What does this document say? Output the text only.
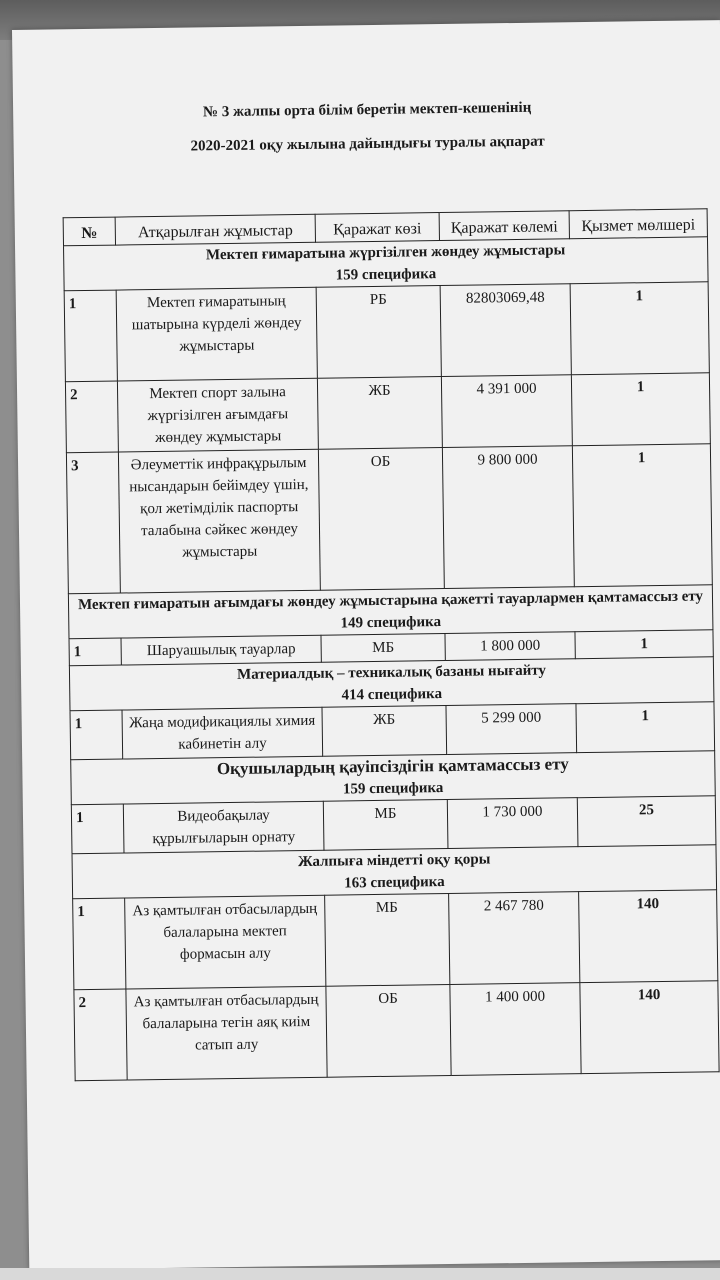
№ 3 жалпы орта білім беретін мектеп-кешенінің

2020-2021 оқу жылына дайындығы туралы ақпарат

№	Атқарылған жұмыстар	Қаражат көзі	Қаражат көлемі	Қызмет мөлшері

Мектеп ғимаратына жүргізілген жөндеу жұмыстары
159 специфика				

1	Мектеп ғимаратының шатырына күрделі жөндеу жұмыстары	РБ	82803069,48	1
2	Мектеп спорт залына жүргізілген ағымдағы жөндеу жұмыстары	ЖБ	4 391 000	1
3	Әлеуметтік инфрақұрылым нысандарын бейімдеу үшін, қол жетімділік паспорты талабына сәйкес жөндеу жұмыстары	ОБ	9 800 000	1

Мектеп ғимаратын ағымдағы жөндеу жұмыстарына қажетті тауарлармен қамтамассыз ету
149 специфика				

1	Шаруашылық тауарлар	МБ	1 800 000	1

Материалдық – техникалық базаны нығайту
414 специфика				

1	Жаңа модификациялы химия кабинетін алу	ЖБ	5 299 000	1

Оқушылардың қауіпсіздігін қамтамассыз ету
159 специфика				

1	Видеобақылау құрылғыларын орнату	МБ	1 730 000	25

Жалпыға міндетті оқу қоры
163 специфика				

1	Аз қамтылған отбасылардың балаларына мектеп формасын алу	МБ	2 467 780	140
2	Аз қамтылған отбасылардың балаларына тегін аяқ киім сатып алу	ОБ	1 400 000	140
